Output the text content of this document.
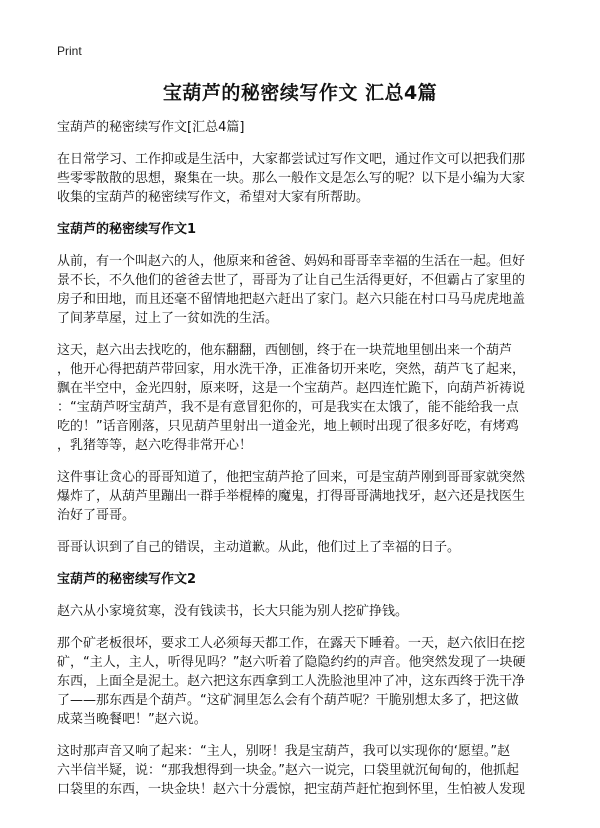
Print
宝葫芦的秘密续写作文 汇总4篇
宝葫芦的秘密续写作文[汇总4篇]
在日常学习、工作抑或是生活中，大家都尝试过写作文吧，通过作文可以把我们那
些零零散散的思想，聚集在一块。那么一般作文是怎么写的呢？以下是小编为大家
收集的宝葫芦的秘密续写作文，希望对大家有所帮助。
宝葫芦的秘密续写作文1
从前，有一个叫赵六的人，他原来和爸爸、妈妈和哥哥幸幸福的生活在一起。但好
景不长，不久他们的爸爸去世了，哥哥为了让自己生活得更好，不但霸占了家里的
房子和田地，而且还毫不留情地把赵六赶出了家门。赵六只能在村口马马虎虎地盖
了间茅草屋，过上了一贫如洗的生活。
这天，赵六出去找吃的，他东翻翻，西刨刨，终于在一块荒地里刨出来一个葫芦
，他开心得把葫芦带回家，用水洗干净，正准备切开来吃，突然，葫芦飞了起来，
飘在半空中，金光四射，原来呀，这是一个宝葫芦。赵四连忙跪下，向葫芦祈祷说
：“宝葫芦呀宝葫芦，我不是有意冒犯你的，可是我实在太饿了，能不能给我一点
吃的！”话音刚落，只见葫芦里射出一道金光，地上顿时出现了很多好吃，有烤鸡
，乳猪等等，赵六吃得非常开心！
这件事让贪心的哥哥知道了，他把宝葫芦抢了回来，可是宝葫芦刚到哥哥家就突然
爆炸了，从葫芦里蹦出一群手举棍棒的魔鬼，打得哥哥满地找牙，赵六还是找医生
治好了哥哥。
哥哥认识到了自己的错误，主动道歉。从此，他们过上了幸福的日子。
宝葫芦的秘密续写作文2
赵六从小家境贫寒，没有钱读书，长大只能为别人挖矿挣钱。
那个矿老板很坏，要求工人必须每天都工作，在露天下睡着。一天，赵六依旧在挖
矿，“主人，主人，听得见吗？”赵六听着了隐隐约约的声音。他突然发现了一块硬
东西，上面全是泥土。赵六把这东西拿到工人洗脸池里冲了冲，这东西终于洗干净
了——那东西是个葫芦。“这矿洞里怎么会有个葫芦呢？干脆别想太多了，把这做
成菜当晚餐吧！”赵六说。
这时那声音又响了起来：“主人，别呀！我是宝葫芦，我可以实现你的‘愿望。”赵
六半信半疑，说：“那我想得到一块金。”赵六一说完，口袋里就沉甸甸的，他抓起
口袋里的东西，一块金块！赵六十分震惊，把宝葫芦赶忙抱到怀里，生怕被人发现
